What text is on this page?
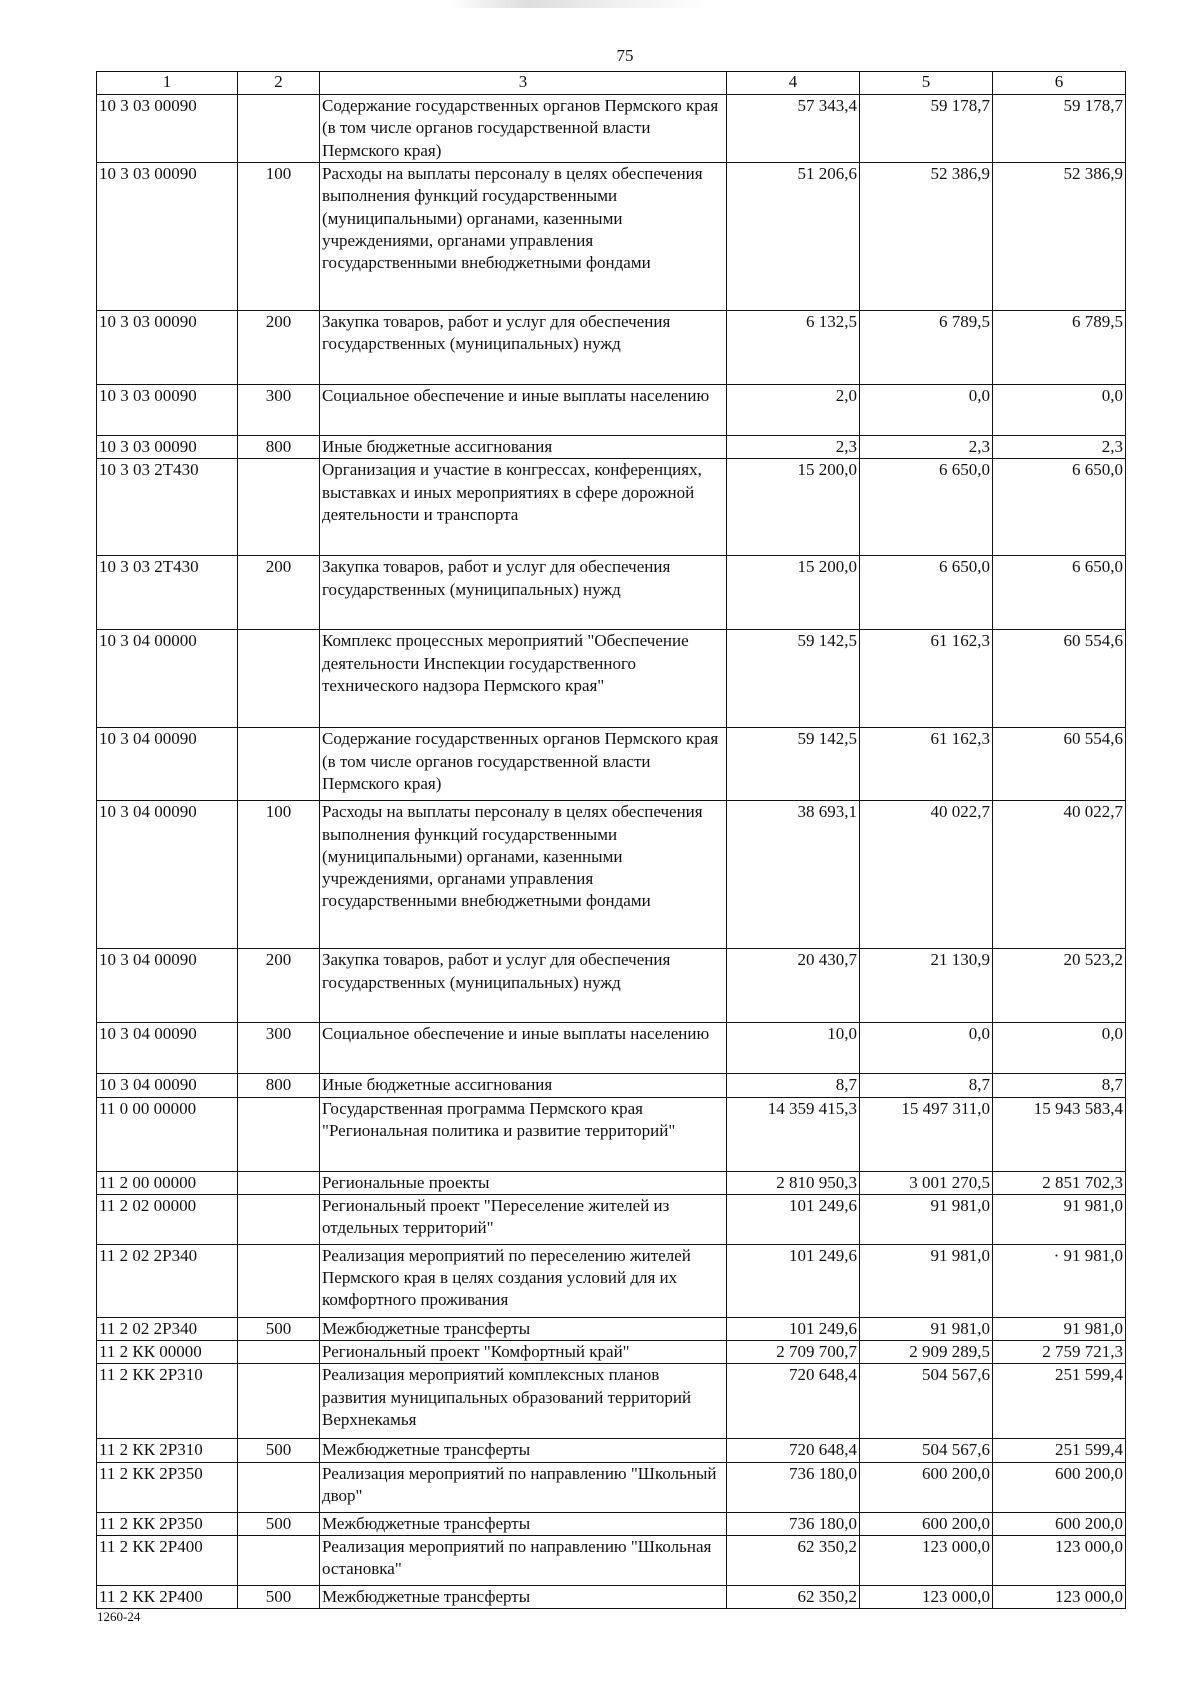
75
1	2	3	4	5	6
10 3 03 00090		Содержание государственных органов Пермского края (в том числе органов государственной власти Пермского края)	57 343,4	59 178,7	59 178,7
10 3 03 00090	100	Расходы на выплаты персоналу в целях обеспечения выполнения функций государственными (муниципальными) органами, казенными учреждениями, органами управления государственными внебюджетными фондами	51 206,6	52 386,9	52 386,9
10 3 03 00090	200	Закупка товаров, работ и услуг для обеспечения государственных (муниципальных) нужд	6 132,5	6 789,5	6 789,5
10 3 03 00090	300	Социальное обеспечение и иные выплаты населению	2,0	0,0	0,0
10 3 03 00090	800	Иные бюджетные ассигнования	2,3	2,3	2,3
10 3 03 2Т430		Организация и участие в конгрессах, конференциях, выставках и иных мероприятиях в сфере дорожной деятельности и транспорта	15 200,0	6 650,0	6 650,0
10 3 03 2Т430	200	Закупка товаров, работ и услуг для обеспечения государственных (муниципальных) нужд	15 200,0	6 650,0	6 650,0
10 3 04 00000		Комплекс процессных мероприятий "Обеспечение деятельности Инспекции государственного технического надзора Пермского края"	59 142,5	61 162,3	60 554,6
10 3 04 00090		Содержание государственных органов Пермского края (в том числе органов государственной власти Пермского края)	59 142,5	61 162,3	60 554,6
10 3 04 00090	100	Расходы на выплаты персоналу в целях обеспечения выполнения функций государственными (муниципальными) органами, казенными учреждениями, органами управления государственными внебюджетными фондами	38 693,1	40 022,7	40 022,7
10 3 04 00090	200	Закупка товаров, работ и услуг для обеспечения государственных (муниципальных) нужд	20 430,7	21 130,9	20 523,2
10 3 04 00090	300	Социальное обеспечение и иные выплаты населению	10,0	0,0	0,0
10 3 04 00090	800	Иные бюджетные ассигнования	8,7	8,7	8,7
11 0 00 00000		Государственная программа Пермского края "Региональная политика и развитие территорий"	14 359 415,3	15 497 311,0	15 943 583,4
11 2 00 00000		Региональные проекты	2 810 950,3	3 001 270,5	2 851 702,3
11 2 02 00000		Региональный проект "Переселение жителей из отдельных территорий"	101 249,6	91 981,0	91 981,0
11 2 02 2Р340		Реализация мероприятий по переселению жителей Пермского края в целях создания условий для их комфортного проживания	101 249,6	91 981,0	· 91 981,0
11 2 02 2Р340	500	Межбюджетные трансферты	101 249,6	91 981,0	91 981,0
11 2 КК 00000		Региональный проект "Комфортный край"	2 709 700,7	2 909 289,5	2 759 721,3
11 2 КК 2Р310		Реализация мероприятий комплексных планов развития муниципальных образований территорий Верхнекамья	720 648,4	504 567,6	251 599,4
11 2 КК 2Р310	500	Межбюджетные трансферты	720 648,4	504 567,6	251 599,4
11 2 КК 2Р350		Реализация мероприятий по направлению "Школьный двор"	736 180,0	600 200,0	600 200,0
11 2 КК 2Р350	500	Межбюджетные трансферты	736 180,0	600 200,0	600 200,0
11 2 КК 2Р400		Реализация мероприятий по направлению "Школьная остановка"	62 350,2	123 000,0	123 000,0
11 2 КК 2Р400	500	Межбюджетные трансферты	62 350,2	123 000,0	123 000,0
1260-24
